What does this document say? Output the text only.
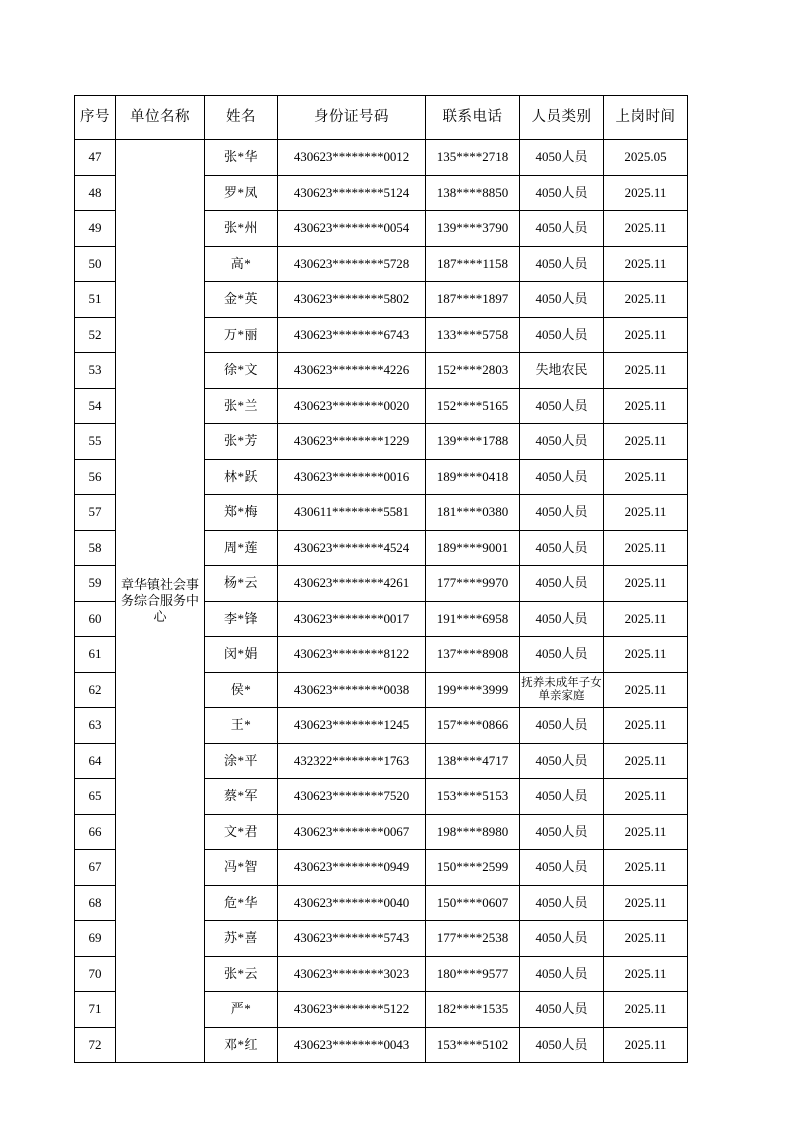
序号	单位名称	姓名	身份证号码	联系电话	人员类别	上岗时间
47	章华镇社会事务综合服务中心	张*华	430623********0012	135****2718	4050人员	2025.05
48		罗*凤	430623********5124	138****8850	4050人员	2025.11
49		张*州	430623********0054	139****3790	4050人员	2025.11
50		高*	430623********5728	187****1158	4050人员	2025.11
51		金*英	430623********5802	187****1897	4050人员	2025.11
52		万*丽	430623********6743	133****5758	4050人员	2025.11
53		徐*文	430623********4226	152****2803	失地农民	2025.11
54		张*兰	430623********0020	152****5165	4050人员	2025.11
55		张*芳	430623********1229	139****1788	4050人员	2025.11
56		林*跃	430623********0016	189****0418	4050人员	2025.11
57		郑*梅	430611********5581	181****0380	4050人员	2025.11
58		周*莲	430623********4524	189****9001	4050人员	2025.11
59		杨*云	430623********4261	177****9970	4050人员	2025.11
60		李*锋	430623********0017	191****6958	4050人员	2025.11
61		闵*娟	430623********8122	137****8908	4050人员	2025.11
62		侯*	430623********0038	199****3999	抚养未成年子女单亲家庭	2025.11
63		王*	430623********1245	157****0866	4050人员	2025.11
64		涂*平	432322********1763	138****4717	4050人员	2025.11
65		蔡*军	430623********7520	153****5153	4050人员	2025.11
66		文*君	430623********0067	198****8980	4050人员	2025.11
67		冯*智	430623********0949	150****2599	4050人员	2025.11
68		危*华	430623********0040	150****0607	4050人员	2025.11
69		苏*喜	430623********5743	177****2538	4050人员	2025.11
70		张*云	430623********3023	180****9577	4050人员	2025.11
71		严*	430623********5122	182****1535	4050人员	2025.11
72		邓*红	430623********0043	153****5102	4050人员	2025.11
